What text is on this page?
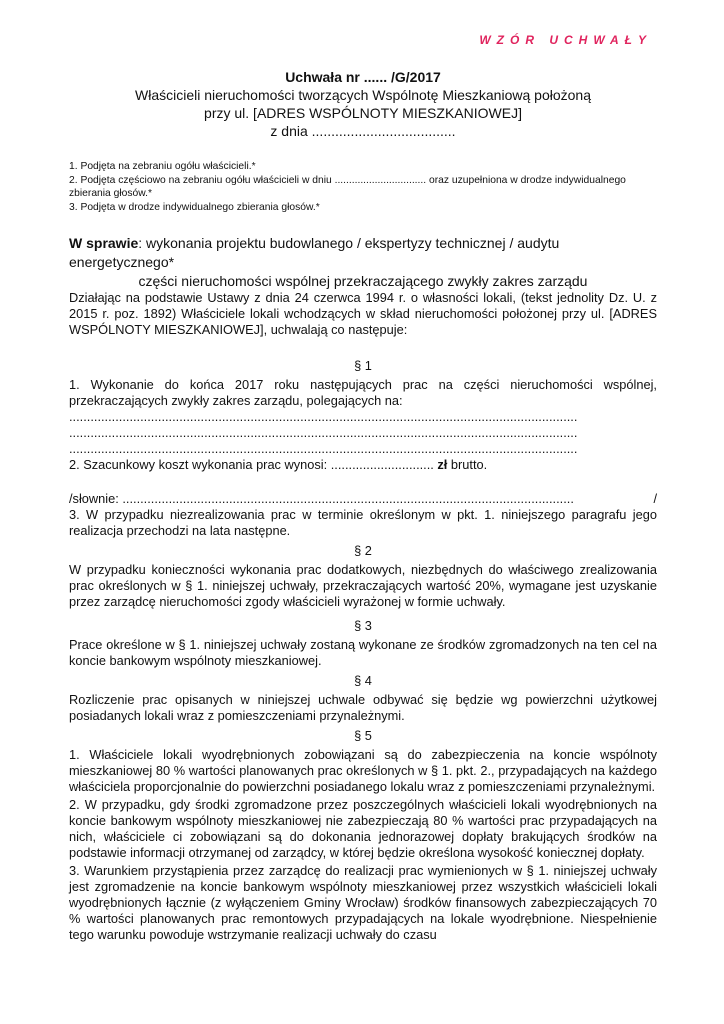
WZÓR UCHWAŁY
Uchwała nr ...... /G/2017
Właścicieli nieruchomości tworzących Wspólnotę Mieszkaniową położoną
przy ul. [ADRES WSPÓLNOTY MIESZKANIOWEJ]
z dnia .....................................
1. Podjęta na zebraniu ogółu właścicieli.*
2. Podjęta częściowo na zebraniu ogółu właścicieli w dniu ................................ oraz uzupełniona w drodze indywidualnego zbierania głosów.*
3. Podjęta w drodze indywidualnego zbierania głosów.*
W sprawie: wykonania projektu budowlanego / ekspertyzy technicznej / audytu energetycznego*
części nieruchomości wspólnej przekraczającego zwykły zakres zarządu

Działając na podstawie Ustawy z dnia 24 czerwca 1994 r. o własności lokali, (tekst jednolity Dz. U. z 2015 r. poz. 1892) Właściciele lokali wchodzących w skład nieruchomości położonej przy ul. [ADRES WSPÓLNOTY MIESZKANIOWEJ], uchwalają co następuje:

§ 1

1. Wykonanie do końca 2017 roku następujących prac na części nieruchomości wspólnej, przekraczających zwykły zakres zarządu, polegających na:

...............................................................................................................................................

...............................................................................................................................................

...............................................................................................................................................

2. Szacunkowy koszt wykonania prac wynosi: ............................. zł brutto.

/słownie: ...............................................................................................................................	/

3. W przypadku niezrealizowania prac w terminie określonym w pkt. 1. niniejszego paragrafu jego realizacja przechodzi na lata następne.

§ 2

W przypadku konieczności wykonania prac dodatkowych, niezbędnych do właściwego zrealizowania prac określonych w § 1. niniejszej uchwały, przekraczających wartość 20%, wymagane jest uzyskanie przez zarządcę nieruchomości zgody właścicieli wyrażonej w formie uchwały.

§ 3

Prace określone w § 1. niniejszej uchwały zostaną wykonane ze środków zgromadzonych na ten cel na koncie bankowym wspólnoty mieszkaniowej.

§ 4

Rozliczenie prac opisanych w niniejszej uchwale odbywać się będzie wg powierzchni użytkowej posiadanych lokali wraz z pomieszczeniami przynależnymi.

§ 5

1. Właściciele lokali wyodrębnionych zobowiązani są do zabezpieczenia na koncie wspólnoty mieszkaniowej 80 % wartości planowanych prac określonych w § 1. pkt. 2., przypadających na każdego właściciela proporcjonalnie do powierzchni posiadanego lokalu wraz z pomieszczeniami przynależnymi.

2. W przypadku, gdy środki zgromadzone przez poszczególnych właścicieli lokali wyodrębnionych na koncie bankowym wspólnoty mieszkaniowej nie zabezpieczają 80 % wartości prac przypadających na nich, właściciele ci zobowiązani są do dokonania jednorazowej dopłaty brakujących środków na podstawie informacji otrzymanej od zarządcy, w której będzie określona wysokość koniecznej dopłaty.

3. Warunkiem przystąpienia przez zarządcę do realizacji prac wymienionych w § 1. niniejszej uchwały jest zgromadzenie na koncie bankowym wspólnoty mieszkaniowej przez wszystkich właścicieli lokali wyodrębnionych łącznie (z wyłączeniem Gminy Wrocław) środków finansowych zabezpieczających 70 % wartości planowanych prac remontowych przypadających na lokale wyodrębnione. Niespełnienie tego warunku powoduje wstrzymanie realizacji uchwały do czasu
